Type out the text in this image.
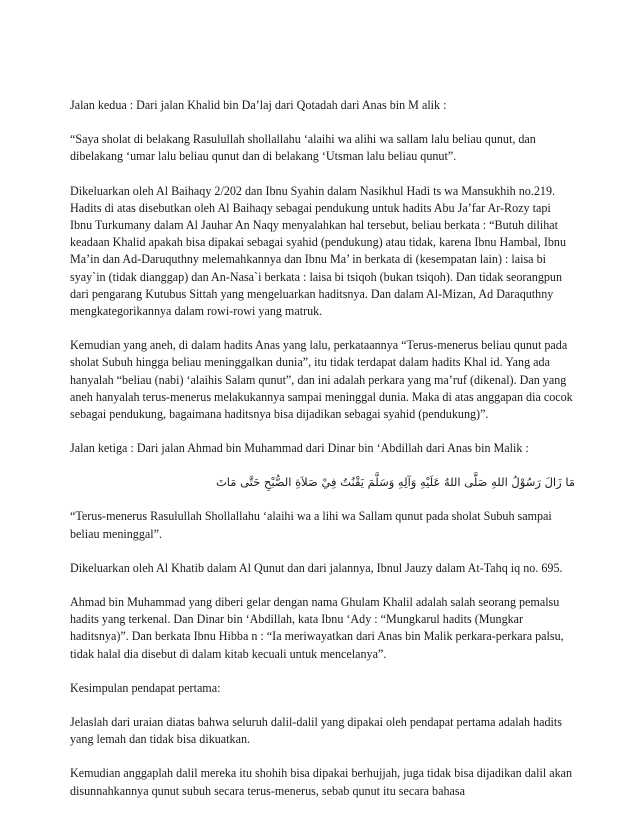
Jalan kedua : Dari jalan Khalid bin Da’laj dari Qotadah dari Anas bin M alik :

“Saya sholat di belakang Rasulullah shollallahu ‘alaihi wa alihi wa sallam lalu beliau qunut, dan dibelakang ‘umar lalu beliau qunut dan di belakang ‘Utsman lalu beliau qunut”.

Dikeluarkan oleh Al Baihaqy 2/202 dan Ibnu Syahin dalam Nasikhul Hadi ts wa Mansukhih no.219. Hadits di atas disebutkan oleh Al Baihaqy sebagai pendukung untuk hadits Abu Ja’far Ar-Rozy tapi Ibnu Turkumany dalam Al Jauhar An Naqy menyalahkan hal tersebut, beliau berkata : “Butuh dilihat keadaan Khalid apakah bisa dipakai sebagai syahid (pendukung) atau tidak, karena Ibnu Hambal, Ibnu Ma’in dan Ad-Daruquthny melemahkannya dan Ibnu Ma’ in berkata di (kesempatan lain) : laisa bi syay`in (tidak dianggap) dan An-Nasa`i berkata : laisa bi tsiqoh (bukan tsiqoh). Dan tidak seorangpun dari pengarang Kutubus Sittah yang mengeluarkan haditsnya. Dan dalam Al-Mizan, Ad Daraquthny mengkategorikannya dalam rowi-rowi yang matruk.

Kemudian yang aneh, di dalam hadits Anas yang lalu, perkataannya “Terus-menerus beliau qunut pada sholat Subuh hingga beliau meninggalkan dunia”, itu tidak terdapat dalam hadits Khal id. Yang ada hanyalah “beliau (nabi) ‘alaihis Salam qunut”, dan ini adalah perkara yang ma’ruf (dikenal). Dan yang aneh hanyalah terus-menerus melakukannya sampai meninggal dunia. Maka di atas anggapan dia cocok sebagai pendukung, bagaimana haditsnya bisa dijadikan sebagai syahid (pendukung)”.

Jalan ketiga : Dari jalan Ahmad bin Muhammad dari Dinar bin ‘Abdillah dari Anas bin Malik :

مَا زَالَ رَسُوْلُ اللهِ صَلَّى اللهُ عَلَيْهِ وَآلِهِ وَسَلَّمَ يَقْنُتُ فِيْ صَلاَةِ الصُّبْحِ حَتَّى مَاتَ

“Terus-menerus Rasulullah Shollallahu ‘alaihi wa a lihi wa Sallam qunut pada sholat Subuh sampai beliau meninggal”.

Dikeluarkan oleh Al Khatib dalam Al Qunut dan dari jalannya, Ibnul Jauzy dalam At-Tahq iq no. 695.

Ahmad bin Muhammad yang diberi gelar dengan nama Ghulam Khalil adalah salah seorang pemalsu hadits yang terkenal. Dan Dinar bin ‘Abdillah, kata Ibnu ‘Ady : “Mungkarul hadits (Mungkar haditsnya)”. Dan berkata Ibnu Hibba n : “Ia meriwayatkan dari Anas bin Malik perkara-perkara palsu, tidak halal dia disebut di dalam kitab kecuali untuk mencelanya”.

Kesimpulan pendapat pertama:

Jelaslah dari uraian diatas bahwa seluruh dalil-dalil yang dipakai oleh pendapat pertama adalah hadits yang lemah dan tidak bisa dikuatkan.

Kemudian anggaplah dalil mereka itu shohih bisa dipakai berhujjah, juga tidak bisa dijadikan dalil akan disunnahkannya qunut subuh secara terus-menerus, sebab qunut itu secara bahasa
